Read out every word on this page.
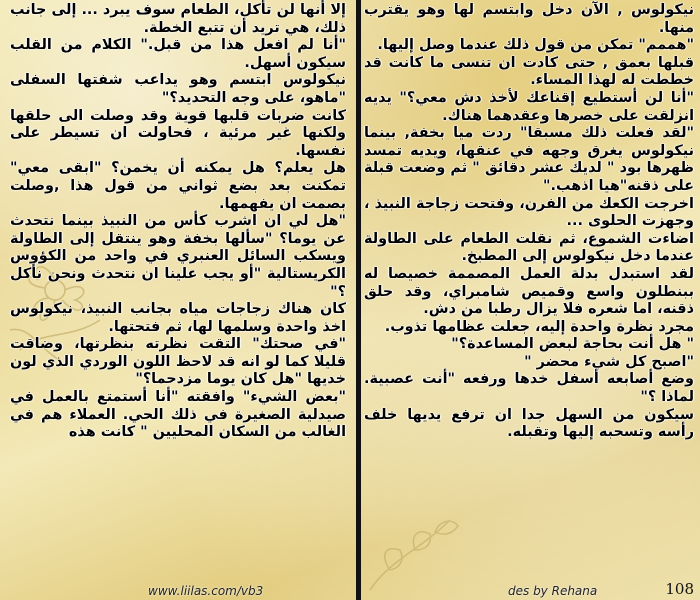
نيكولوس , الآن دخل وابتسم لها وهو يقترب منها.

"هممم" تمكن من قول ذلك عندما وصل إليها.

قبلها بعمق , حتى كادت ان تنسى ما كانت قد خططت له لهذا المساء.

"أنا لن أستطيع إقناعك لأخذ دش معي؟" يديه انزلقت على خصرها وعقدهما هناك.

"لقد فعلت ذلك مسبقا" ردت ميا بخفة, بينما نيكولوس يغرق وجهه في عنقها، ويديه تمسد ظهرها بود " لديك عشر دقائق " ثم وضعت قبلة على ذقنه"هيا اذهب."

اخرجت الكعك من الفرن، وفتحت زجاجة النبيذ ، وجهزت الحلوى ...

اضاءت الشموع، ثم نقلت الطعام على الطاولة عندما دخل نيكولوس إلى المطبخ.

لقد استبدل بدلة العمل المصممة خصيصا له ببنطلون واسع وقميص شامبراي، وقد حلق ذقنه، اما شعره فلا يزال رطبا من دش.

مجرد نظرة واحدة إليه، جعلت عظامها تذوب.

" هل أنت بحاجة لبعض المساعدة؟"

"اصبح كل شيء محضر "

وضع أصابعه أسفل خدها ورفعه "أنت عصبية. لماذا ؟"

سيكون من السهل جدا ان ترفع يديها خلف رأسه وتسحبه إليها وتقبله.

إلا أنها لن تأكل، الطعام سوف يبرد ... إلى جانب ذلك، هي تريد أن تتبع الخطة.

"أنا لم افعل هذا من قبل." الكلام من القلب سيكون أسهل.

نيكولوس ابتسم وهو يداعب شفتها السفلى "ماهو، على وجه التحديد؟"

كانت ضربات قلبها قوية وقد وصلت الى حلقها ولكنها غير مرئية ، فحاولت ان تسيطر على نفسها.

هل يعلم؟ هل يمكنه أن يخمن؟ "ابقى معي" تمكنت بعد بضع ثواني من قول هذا ,وصلت بصمت ان يفهمها.

"هل لي ان اشرب كأس من النبيذ بينما نتحدث عن يوما؟ "سألها بخفة وهو ينتقل إلى الطاولة ويسكب السائل العنبري في واحد من الكؤوس الكريستالية "أو يجب علينا ان نتحدث ونحن نأكل ؟"

كان هناك زجاجات مياه بجانب النبيذ، نيكولوس اخذ واحدة وسلمها لها، ثم فتحتها.

"في صحتك" التقت نظرته بنظرتها، وضاقت قليلا كما لو انه قد لاحظ اللون الوردي الذي لون خديها "هل كان يوما مزدحما؟"

"بعض الشيء" وافقته "أنا أستمتع بالعمل في صيدلية الصغيرة في ذلك الحي. العملاء هم في الغالب من السكان المحليين " كانت هذه

www.liilas.com/vb3	des by Rehana	108
